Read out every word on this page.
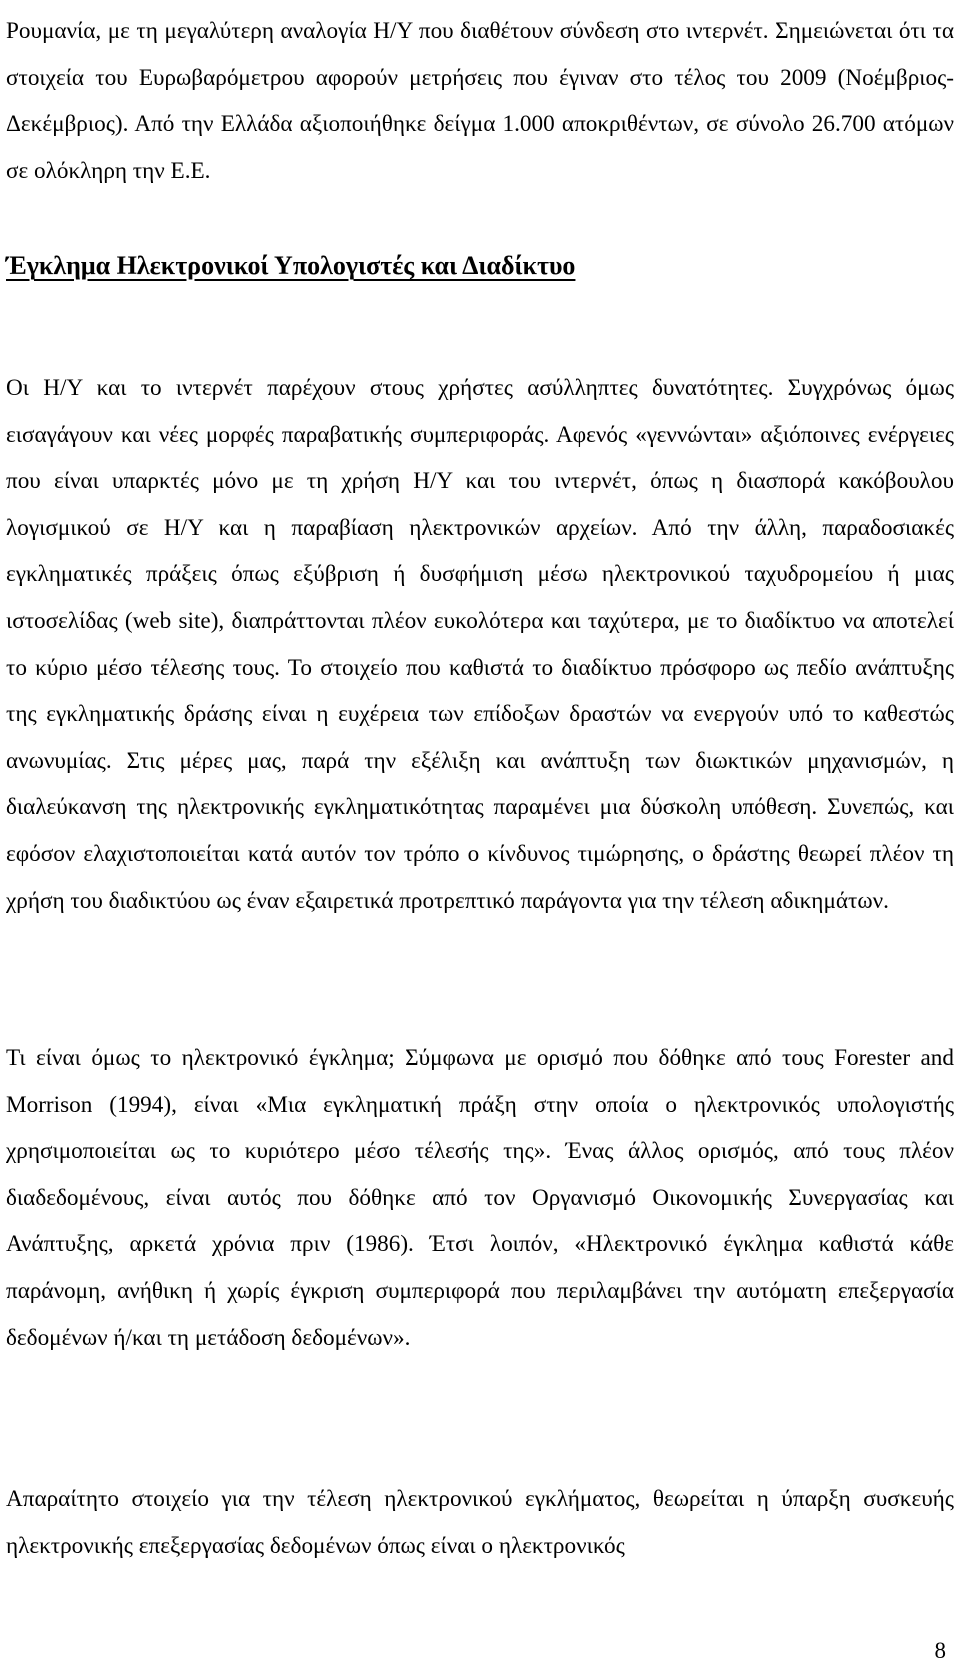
Ρουμανία, με τη μεγαλύτερη αναλογία Η/Υ που διαθέτουν σύνδεση στο ιντερνέτ. Σημειώνεται ότι τα στοιχεία του Ευρωβαρόμετρου αφορούν μετρήσεις που έγιναν στο τέλος του 2009 (Νοέμβριος-Δεκέμβριος). Από την Ελλάδα αξιοποιήθηκε δείγμα 1.000 αποκριθέντων, σε σύνολο 26.700 ατόμων σε ολόκληρη την Ε.Ε.

Έγκλημα Ηλεκτρονικοί Υπολογιστές και Διαδίκτυο

Οι Η/Υ και το ιντερνέτ παρέχουν στους χρήστες ασύλληπτες δυνατότητες. Συγχρόνως όμως εισαγάγουν και νέες μορφές παραβατικής συμπεριφοράς. Αφενός «γεννώνται» αξιόποινες ενέργειες που είναι υπαρκτές μόνο με τη χρήση Η/Υ και του ιντερνέτ, όπως η διασπορά κακόβουλου λογισμικού σε Η/Υ και η παραβίαση ηλεκτρονικών αρχείων. Από την άλλη, παραδοσιακές εγκληματικές πράξεις όπως εξύβριση ή δυσφήμιση μέσω ηλεκτρονικού ταχυδρομείου ή μιας ιστοσελίδας (web site), διαπράττονται πλέον ευκολότερα και ταχύτερα, με το διαδίκτυο να αποτελεί το κύριο μέσο τέλεσης τους. Το στοιχείο που καθιστά το διαδίκτυο πρόσφορο ως πεδίο ανάπτυξης της εγκληματικής δράσης είναι η ευχέρεια των επίδοξων δραστών να ενεργούν υπό το καθεστώς ανωνυμίας. Στις μέρες μας, παρά την εξέλιξη και ανάπτυξη των διωκτικών μηχανισμών, η διαλεύκανση της ηλεκτρονικής εγκληματικότητας παραμένει μια δύσκολη υπόθεση. Συνεπώς, και εφόσον ελαχιστοποιείται κατά αυτόν τον τρόπο ο κίνδυνος τιμώρησης, ο δράστης θεωρεί πλέον τη χρήση του διαδικτύου ως έναν εξαιρετικά προτρεπτικό παράγοντα για την τέλεση αδικημάτων.

Τι είναι όμως το ηλεκτρονικό έγκλημα; Σύμφωνα με ορισμό που δόθηκε από τους Forester and Morrison (1994), είναι «Μια εγκληματική πράξη στην οποία ο ηλεκτρονικός υπολογιστής χρησιμοποιείται ως το κυριότερο μέσο τέλεσής της». Ένας άλλος ορισμός, από τους πλέον διαδεδομένους, είναι αυτός που δόθηκε από τον Οργανισμό Οικονομικής Συνεργασίας και Ανάπτυξης, αρκετά χρόνια πριν (1986). Έτσι λοιπόν, «Ηλεκτρονικό έγκλημα καθιστά κάθε παράνομη, ανήθικη ή χωρίς έγκριση συμπεριφορά που περιλαμβάνει την αυτόματη επεξεργασία δεδομένων ή/και τη μετάδοση δεδομένων».

Απαραίτητο στοιχείο για την τέλεση ηλεκτρονικού εγκλήματος, θεωρείται η ύπαρξη συσκευής ηλεκτρονικής επεξεργασίας δεδομένων όπως είναι ο ηλεκτρονικός

8
